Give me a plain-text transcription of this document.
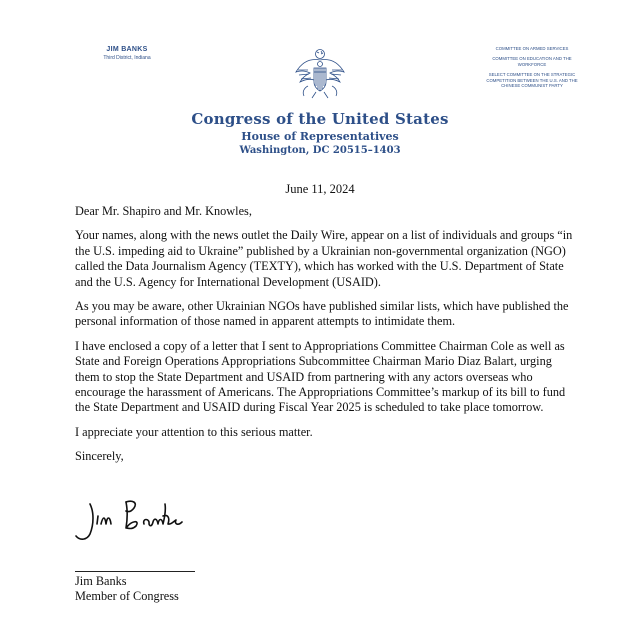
JIM BANKS
Third District, Indiana
COMMITTEE ON ARMED SERVICES
COMMITTEE ON EDUCATION AND THE WORKFORCE
SELECT COMMITTEE ON THE STRATEGIC COMPETITION BETWEEN THE U.S. AND THE CHINESE COMMUNIST PARTY
Congress of the United States
House of Representatives
Washington, DC 20515–1403
June 11, 2024

Dear Mr. Shapiro and Mr. Knowles,

Your names, along with the news outlet the Daily Wire, appear on a list of individuals and groups “in the U.S. impeding aid to Ukraine” published by a Ukrainian non-governmental organization (NGO) called the Data Journalism Agency (TEXTY), which has worked with the U.S. Department of State and the U.S. Agency for International Development (USAID).

As you may be aware, other Ukrainian NGOs have published similar lists, which have published the personal information of those named in apparent attempts to intimidate them.

I have enclosed a copy of a letter that I sent to Appropriations Committee Chairman Cole as well as State and Foreign Operations Appropriations Subcommittee Chairman Mario Diaz Balart, urging them to stop the State Department and USAID from partnering with any actors overseas who encourage the harassment of Americans. The Appropriations Committee’s markup of its bill to fund the State Department and USAID during Fiscal Year 2025 is scheduled to take place tomorrow.

I appreciate your attention to this serious matter.

Sincerely,

Jim Banks
Member of Congress
